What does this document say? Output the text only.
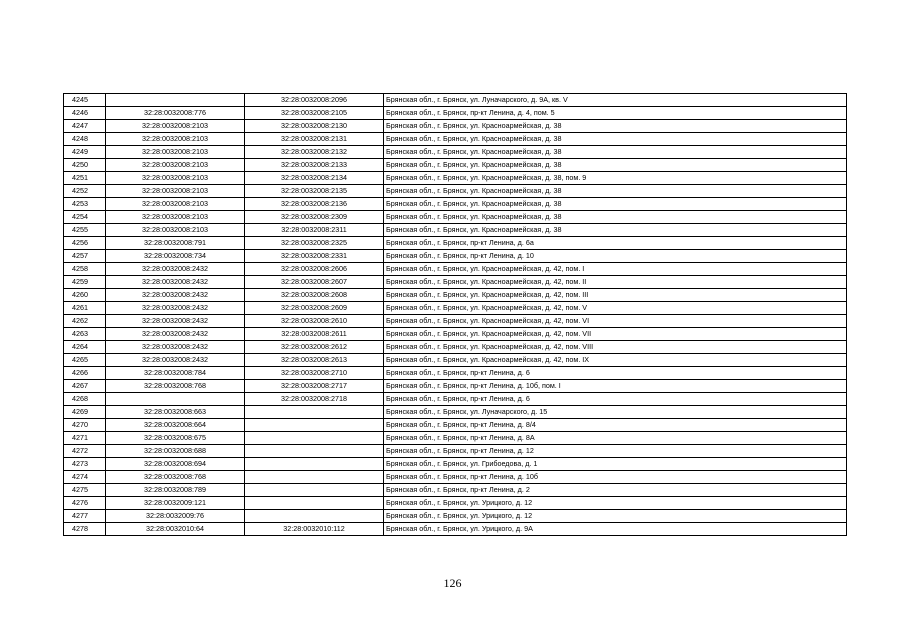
4245		32:28:0032008:2096	Брянская обл., г. Брянск, ул. Луначарского, д. 9А, кв. V
4246	32:28:0032008:776	32:28:0032008:2105	Брянская обл., г. Брянск, пр-кт Ленина, д. 4, пом. 5
4247	32:28:0032008:2103	32:28:0032008:2130	Брянская обл., г. Брянск, ул. Красноармейская, д. 38
4248	32:28:0032008:2103	32:28:0032008:2131	Брянская обл., г. Брянск, ул. Красноармейская, д. 38
4249	32:28:0032008:2103	32:28:0032008:2132	Брянская обл., г. Брянск, ул. Красноармейская, д. 38
4250	32:28:0032008:2103	32:28:0032008:2133	Брянская обл., г. Брянск, ул. Красноармейская, д. 38
4251	32:28:0032008:2103	32:28:0032008:2134	Брянская обл., г. Брянск, ул. Красноармейская, д. 38, пом. 9
4252	32:28:0032008:2103	32:28:0032008:2135	Брянская обл., г. Брянск, ул. Красноармейская, д. 38
4253	32:28:0032008:2103	32:28:0032008:2136	Брянская обл., г. Брянск, ул. Красноармейская, д. 38
4254	32:28:0032008:2103	32:28:0032008:2309	Брянская обл., г. Брянск, ул. Красноармейская, д. 38
4255	32:28:0032008:2103	32:28:0032008:2311	Брянская обл., г. Брянск, ул. Красноармейская, д. 38
4256	32:28:0032008:791	32:28:0032008:2325	Брянская обл., г. Брянск, пр-кт Ленина, д. 6а
4257	32:28:0032008:734	32:28:0032008:2331	Брянская обл., г. Брянск, пр-кт Ленина, д. 10
4258	32:28:0032008:2432	32:28:0032008:2606	Брянская обл., г. Брянск, ул. Красноармейская, д. 42, пом. I
4259	32:28:0032008:2432	32:28:0032008:2607	Брянская обл., г. Брянск, ул. Красноармейская, д. 42, пом. II
4260	32:28:0032008:2432	32:28:0032008:2608	Брянская обл., г. Брянск, ул. Красноармейская, д. 42, пом. III
4261	32:28:0032008:2432	32:28:0032008:2609	Брянская обл., г. Брянск, ул. Красноармейская, д. 42, пом. V
4262	32:28:0032008:2432	32:28:0032008:2610	Брянская обл., г. Брянск, ул. Красноармейская, д. 42, пом. VI
4263	32:28:0032008:2432	32:28:0032008:2611	Брянская обл., г. Брянск, ул. Красноармейская, д. 42, пом. VII
4264	32:28:0032008:2432	32:28:0032008:2612	Брянская обл., г. Брянск, ул. Красноармейская, д. 42, пом. VIII
4265	32:28:0032008:2432	32:28:0032008:2613	Брянская обл., г. Брянск, ул. Красноармейская, д. 42, пом. IX
4266	32:28:0032008:784	32:28:0032008:2710	Брянская обл., г. Брянск, пр-кт Ленина, д. 6
4267	32:28:0032008:768	32:28:0032008:2717	Брянская обл., г. Брянск, пр-кт Ленина, д. 10б, пом. I
4268		32:28:0032008:2718	Брянская обл., г. Брянск, пр-кт Ленина, д. 6
4269	32:28:0032008:663		Брянская обл., г. Брянск, ул. Луначарского, д. 15
4270	32:28:0032008:664		Брянская обл., г. Брянск, пр-кт Ленина, д. 8/4
4271	32:28:0032008:675		Брянская обл., г. Брянск, пр-кт Ленина, д. 8А
4272	32:28:0032008:688		Брянская обл., г. Брянск, пр-кт Ленина, д. 12
4273	32:28:0032008:694		Брянская обл., г. Брянск, ул. Грибоедова, д. 1
4274	32:28:0032008:768		Брянская обл., г. Брянск, пр-кт Ленина, д. 10б
4275	32:28:0032008:789		Брянская обл., г. Брянск, пр-кт Ленина, д. 2
4276	32:28:0032009:121		Брянская обл., г. Брянск, ул. Урицкого, д. 12
4277	32:28:0032009:76		Брянская обл., г. Брянск, ул. Урицкого, д. 12
4278	32:28:0032010:64	32:28:0032010:112	Брянская обл., г. Брянск, ул. Урицкого, д. 9А
126
